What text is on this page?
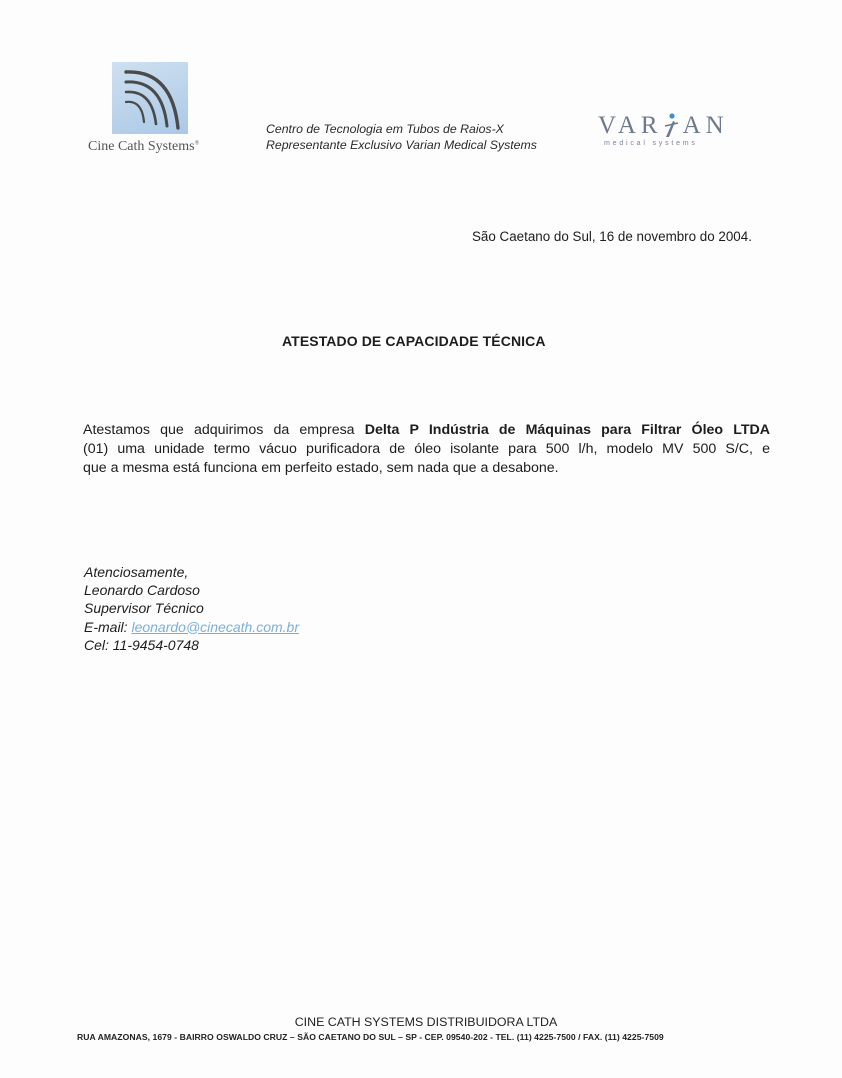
Cine Cath Systems®
Centro de Tecnologia em Tubos de Raios-X
Representante Exclusivo Varian Medical Systems
VAR AN
medical systems
São Caetano do Sul, 16 de novembro do 2004.
ATESTADO DE CAPACIDADE TÉCNICA
Atestamos que adquirimos da empresa Delta P Indústria de Máquinas para Filtrar Óleo LTDA
(01) uma unidade termo vácuo purificadora de óleo isolante para 500 l/h, modelo MV 500 S/C, e
que a mesma está funciona em perfeito estado, sem nada que a desabone.
Atenciosamente,
Leonardo Cardoso
Supervisor Técnico
E-mail: leonardo@cinecath.com.br
Cel: 11-9454-0748
CINE CATH SYSTEMS DISTRIBUIDORA LTDA
RUA AMAZONAS, 1679 - BAIRRO OSWALDO CRUZ – SÃO CAETANO DO SUL – SP - CEP. 09540-202 - TEL. (11) 4225-7500 / FAX. (11) 4225-7509
